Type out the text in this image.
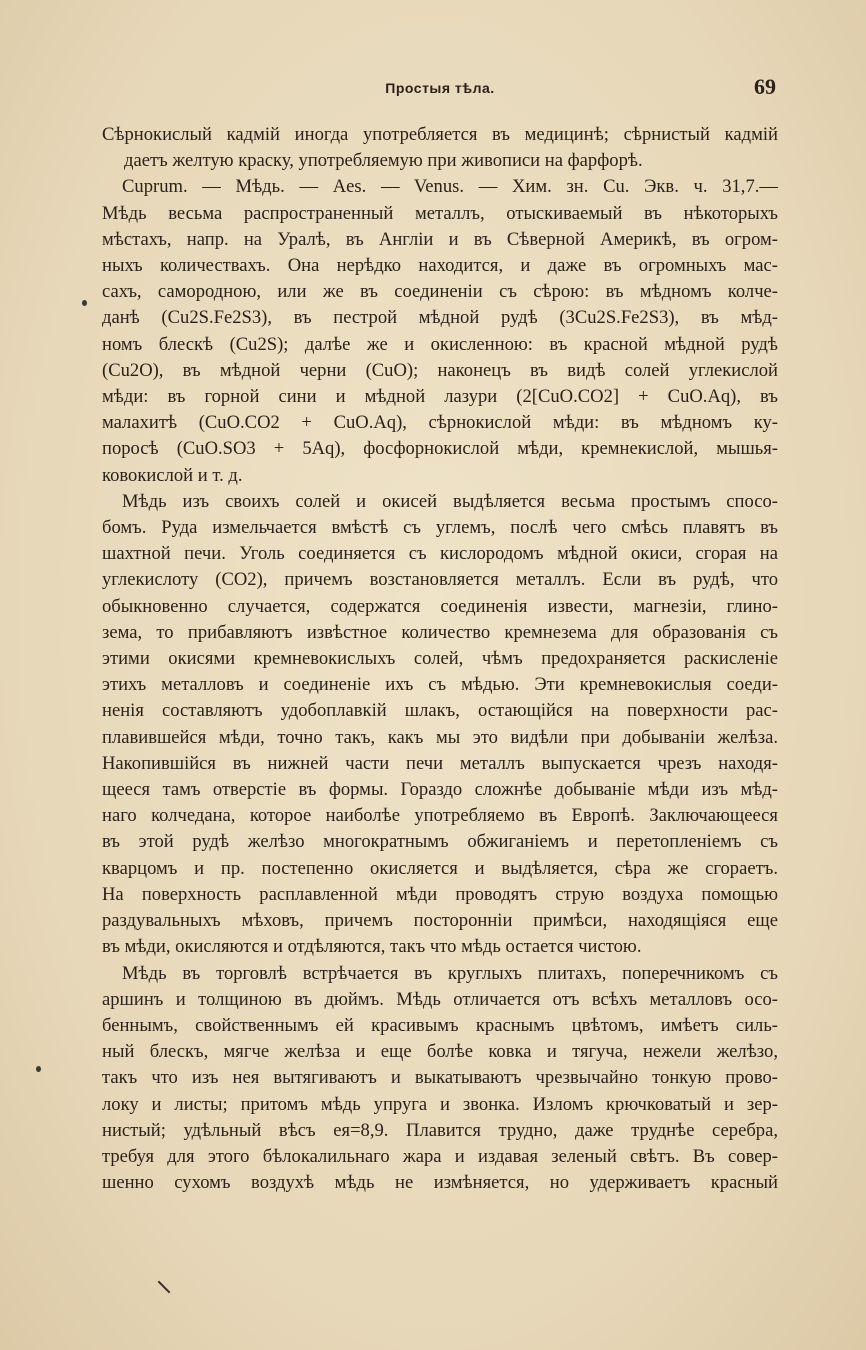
Простыя тѣла.	69
Сѣрнокислый кадмій иногда употребляется въ медицинѣ; сѣрнистый кадмій
даетъ желтую краску, употребляемую при живописи на фарфорѣ.
Cuprum. — Мѣдь. — Aes. — Venus. — Хим. зн. Cu. Экв. ч. 31,7.—
Мѣдь весьма распространенный металлъ, отыскиваемый въ нѣкоторыхъ
мѣстахъ, напр. на Уралѣ, въ Англіи и въ Сѣверной Америкѣ, въ огром-
ныхъ количествахъ. Она нерѣдко находится, и даже въ огромныхъ мас-
сахъ, самородною, или же въ соединеніи съ сѣрою: въ мѣдномъ колче-
данѣ (Cu2S.Fe2S3), въ пестрой мѣдной рудѣ (3Cu2S.Fe2S3), въ мѣд-
номъ блескѣ (Cu2S); далѣе же и окисленною: въ красной мѣдной рудѣ
(Cu2O), въ мѣдной черни (CuO); наконецъ въ видѣ солей углекислой
мѣди: въ горной сини и мѣдной лазури (2[CuO.CO2] + CuO.Aq), въ
малахитѣ (CuO.CO2 + CuO.Aq), сѣрнокислой мѣди: въ мѣдномъ ку-
поросѣ (CuO.SO3 + 5Aq), фосфорнокислой мѣди, кремнекислой, мышья-
ковокислой и т. д.
Мѣдь изъ своихъ солей и окисей выдѣляется весьма простымъ спосо-
бомъ. Руда измельчается вмѣстѣ съ углемъ, послѣ чего смѣсь плавятъ въ
шахтной печи. Уголь соединяется съ кислородомъ мѣдной окиси, сгорая на
углекислоту (CO2), причемъ возстановляется металлъ. Если въ рудѣ, что
обыкновенно случается, содержатся соединенія извести, магнезіи, глино-
зема, то прибавляютъ извѣстное количество кремнезема для образованія съ
этими окисями кремневокислыхъ солей, чѣмъ предохраняется раскисленіе
этихъ металловъ и соединеніе ихъ съ мѣдью. Эти кремневокислыя соеди-
ненія составляютъ удобоплавкій шлакъ, остающійся на поверхности рас-
плавившейся мѣди, точно такъ, какъ мы это видѣли при добываніи желѣза.
Накопившійся въ нижней части печи металлъ выпускается чрезъ находя-
щееся тамъ отверстіе въ формы. Гораздо сложнѣе добываніе мѣди изъ мѣд-
наго колчедана, которое наиболѣе употребляемо въ Европѣ. Заключающееся
въ этой рудѣ желѣзо многократнымъ обжиганіемъ и перетопленіемъ съ
кварцомъ и пр. постепенно окисляется и выдѣляется, сѣра же сгораетъ.
На поверхность расплавленной мѣди проводятъ струю воздуха помощью
раздувальныхъ мѣховъ, причемъ посторонніи примѣси, находящіяся еще
въ мѣди, окисляются и отдѣляются, такъ что мѣдь остается чистою.
Мѣдь въ торговлѣ встрѣчается въ круглыхъ плитахъ, поперечникомъ съ
аршинъ и толщиною въ дюймъ. Мѣдь отличается отъ всѣхъ металловъ осо-
беннымъ, свойственнымъ ей красивымъ краснымъ цвѣтомъ, имѣетъ силь-
ный блескъ, мягче желѣза и еще болѣе ковка и тягуча, нежели желѣзо,
такъ что изъ нея вытягиваютъ и выкатываютъ чрезвычайно тонкую прово-
локу и листы; притомъ мѣдь упруга и звонка. Изломъ крючковатый и зер-
нистый; удѣльный вѣсъ ея=8,9. Плавится трудно, даже труднѣе серебра,
требуя для этого бѣлокалильнаго жара и издавая зеленый свѣтъ. Въ совер-
шенно сухомъ воздухѣ мѣдь не измѣняется, но удерживаетъ красный
